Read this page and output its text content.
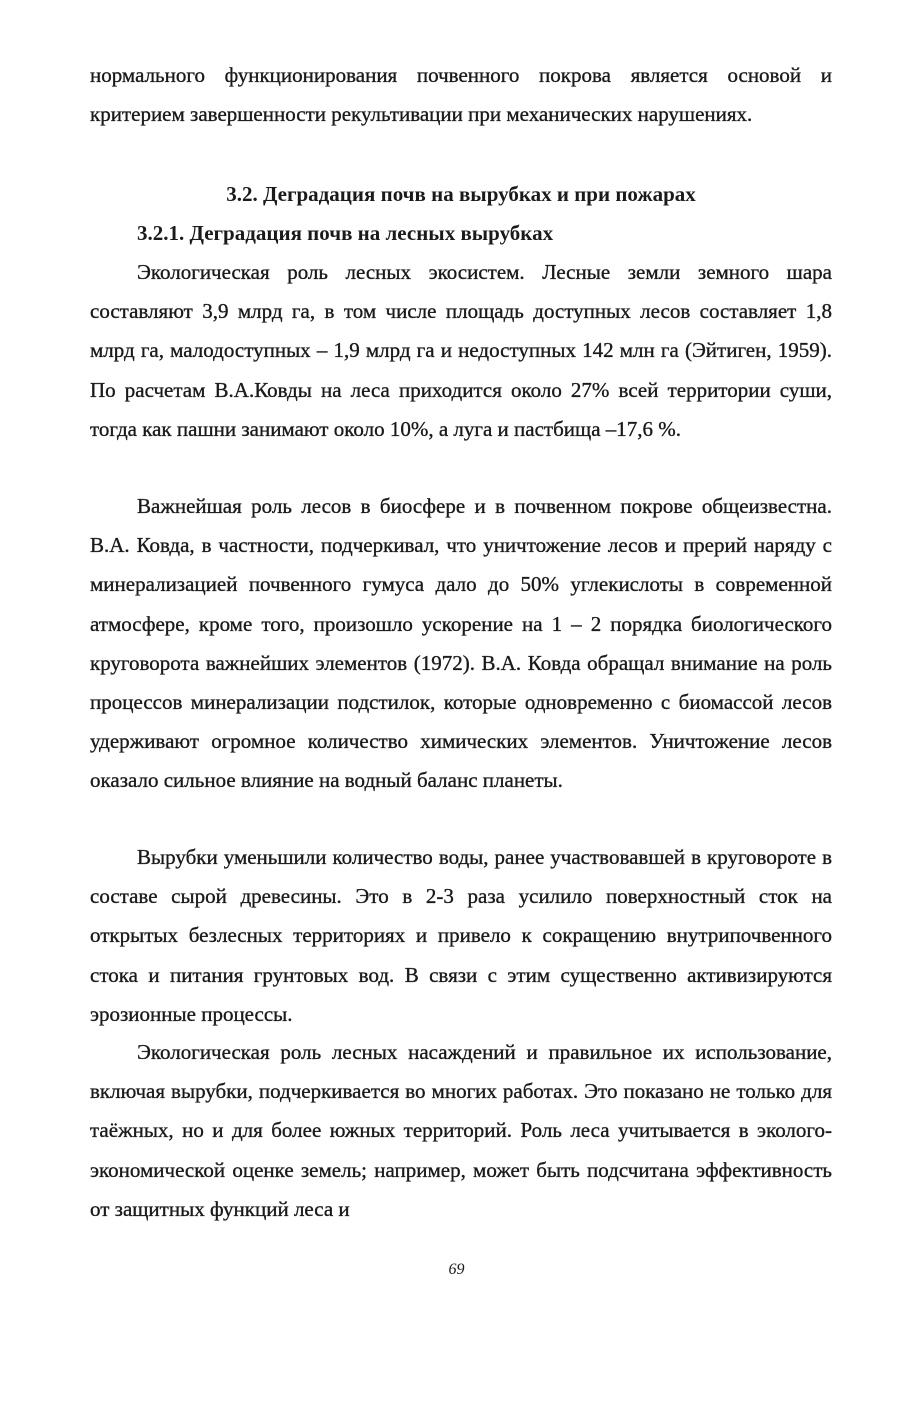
нормального функционирования почвенного покрова является основой и критерием завершенности рекультивации при механических нарушениях.

3.2. Деградация почв на вырубках и при пожарах

3.2.1. Деградация почв на лесных вырубках

Экологическая роль лесных экосистем. Лесные земли земного шара составляют 3,9 млрд га, в том числе площадь доступных лесов составляет 1,8 млрд га, малодоступных – 1,9 млрд га и недоступных 142 млн га (Эйтиген, 1959). По расчетам В.А.Ковды на леса приходится около 27% всей территории суши, тогда как пашни занимают около 10%, а луга и пастбища –17,6 %.

Важнейшая роль лесов в биосфере и в почвенном покрове общеизвестна. В.А. Ковда, в частности, подчеркивал, что уничтожение лесов и прерий наряду с минерализацией почвенного гумуса дало до 50% углекислоты в современной атмосфере, кроме того, произошло ускорение на 1 – 2 порядка биологического круговорота важнейших элементов (1972). В.А. Ковда обращал внимание на роль процессов минерализации подстилок, которые одновременно с биомассой лесов удерживают огромное количество химических элементов. Уничтожение лесов оказало сильное влияние на водный баланс планеты.

Вырубки уменьшили количество воды, ранее участвовавшей в круговороте в составе сырой древесины. Это в 2-3 раза усилило поверхностный сток на открытых безлесных территориях и привело к сокращению внутрипочвенного стока и питания грунтовых вод. В связи с этим существенно активизируются эрозионные процессы.

Экологическая роль лесных насаждений и правильное их использование, включая вырубки, подчеркивается во многих работах. Это показано не только для таёжных, но и для более южных территорий. Роль леса учитывается в эколого-экономической оценке земель; например, может быть подсчитана эффективность от защитных функций леса и

69
